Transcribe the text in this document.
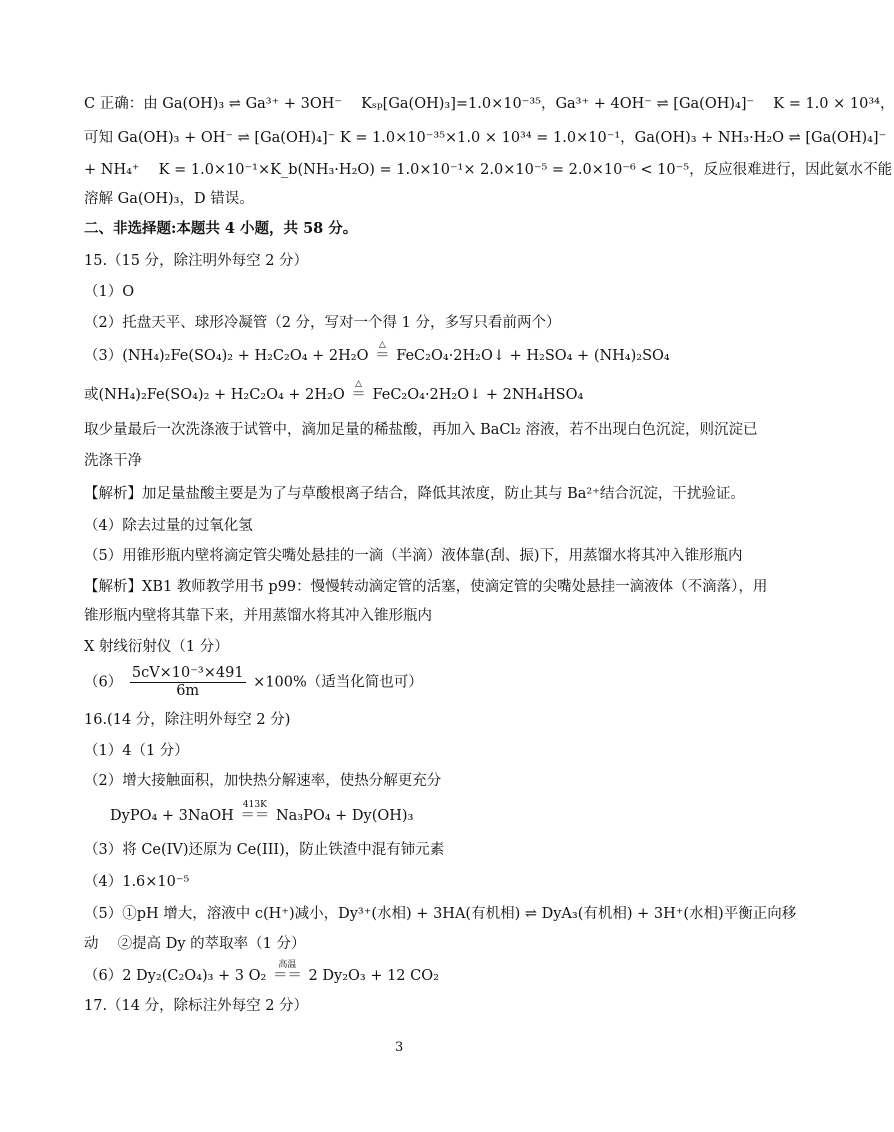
C 正确：由 Ga(OH)₃ ⇌ Ga³⁺ + 3OH⁻ 　Kₛₚ[Ga(OH)₃]=1.0×10⁻³⁵，Ga³⁺ + 4OH⁻ ⇌ [Ga(OH)₄]⁻ 　K = 1.0 × 10³⁴，
可知 Ga(OH)₃ + OH⁻ ⇌ [Ga(OH)₄]⁻ K = 1.0×10⁻³⁵×1.0 × 10³⁴ = 1.0×10⁻¹，Ga(OH)₃ + NH₃·H₂O ⇌ [Ga(OH)₄]⁻
+ NH₄⁺ 　K = 1.0×10⁻¹×K_b(NH₃·H₂O) = 1.0×10⁻¹× 2.0×10⁻⁵ = 2.0×10⁻⁶ < 10⁻⁵，反应很难进行，因此氨水不能
溶解 Ga(OH)₃，D 错误。
二、非选择题:本题共 4 小题，共 58 分。
15.（15 分，除注明外每空 2 分）
（1）O
（2）托盘天平、球形冷凝管（2 分，写对一个得 1 分，多写只看前两个）
（3）(NH₄)₂Fe(SO₄)₂ + H₂C₂O₄ + 2H₂O
△
＝ FeC₂O₄·2H₂O↓ + H₂SO₄ + (NH₄)₂SO₄
或(NH₄)₂Fe(SO₄)₂ + H₂C₂O₄ + 2H₂O
△
＝ FeC₂O₄·2H₂O↓ + 2NH₄HSO₄
取少量最后一次洗涤液于试管中，滴加足量的稀盐酸，再加入 BaCl₂ 溶液，若不出现白色沉淀，则沉淀已
洗涤干净
【解析】加足量盐酸主要是为了与草酸根离子结合，降低其浓度，防止其与 Ba²⁺结合沉淀，干扰验证。
（4）除去过量的过氧化氢
（5）用锥形瓶内壁将滴定管尖嘴处悬挂的一滴（半滴）液体靠(刮、振)下，用蒸馏水将其冲入锥形瓶内
【解析】XB1 教师教学用书 p99：慢慢转动滴定管的活塞，使滴定管的尖嘴处悬挂一滴液体（不滴落），用
锥形瓶内壁将其靠下来，并用蒸馏水将其冲入锥形瓶内
X 射线衍射仪（1 分）
$(6) \frac{\text{5cV×10⁻³×491}}{6m} \times 100\%$（适当化简也可）
16.(14 分，除注明外每空 2 分)
（1）4（1 分）
（2）增大接触面积，加快热分解速率，使热分解更充分
DyPO₄ + 3NaOH
413K
＝＝ Na₃PO₄ + Dy(OH)₃
（3）将 Ce(IV)还原为 Ce(III)，防止铁渣中混有铈元素
（4）1.6×10⁻⁵
（5）①pH 增大，溶液中 c(H⁺)减小，Dy³⁺(水相) + 3HA(有机相) ⇌ DyA₃(有机相) + 3H⁺(水相)平衡正向移
动 　②提高 Dy 的萃取率（1 分）
（6）2 Dy₂(C₂O₄)₃ + 3 O₂
高温
＝＝ 2 Dy₂O₃ + 12 CO₂
17.（14 分，除标注外每空 2 分）
3
